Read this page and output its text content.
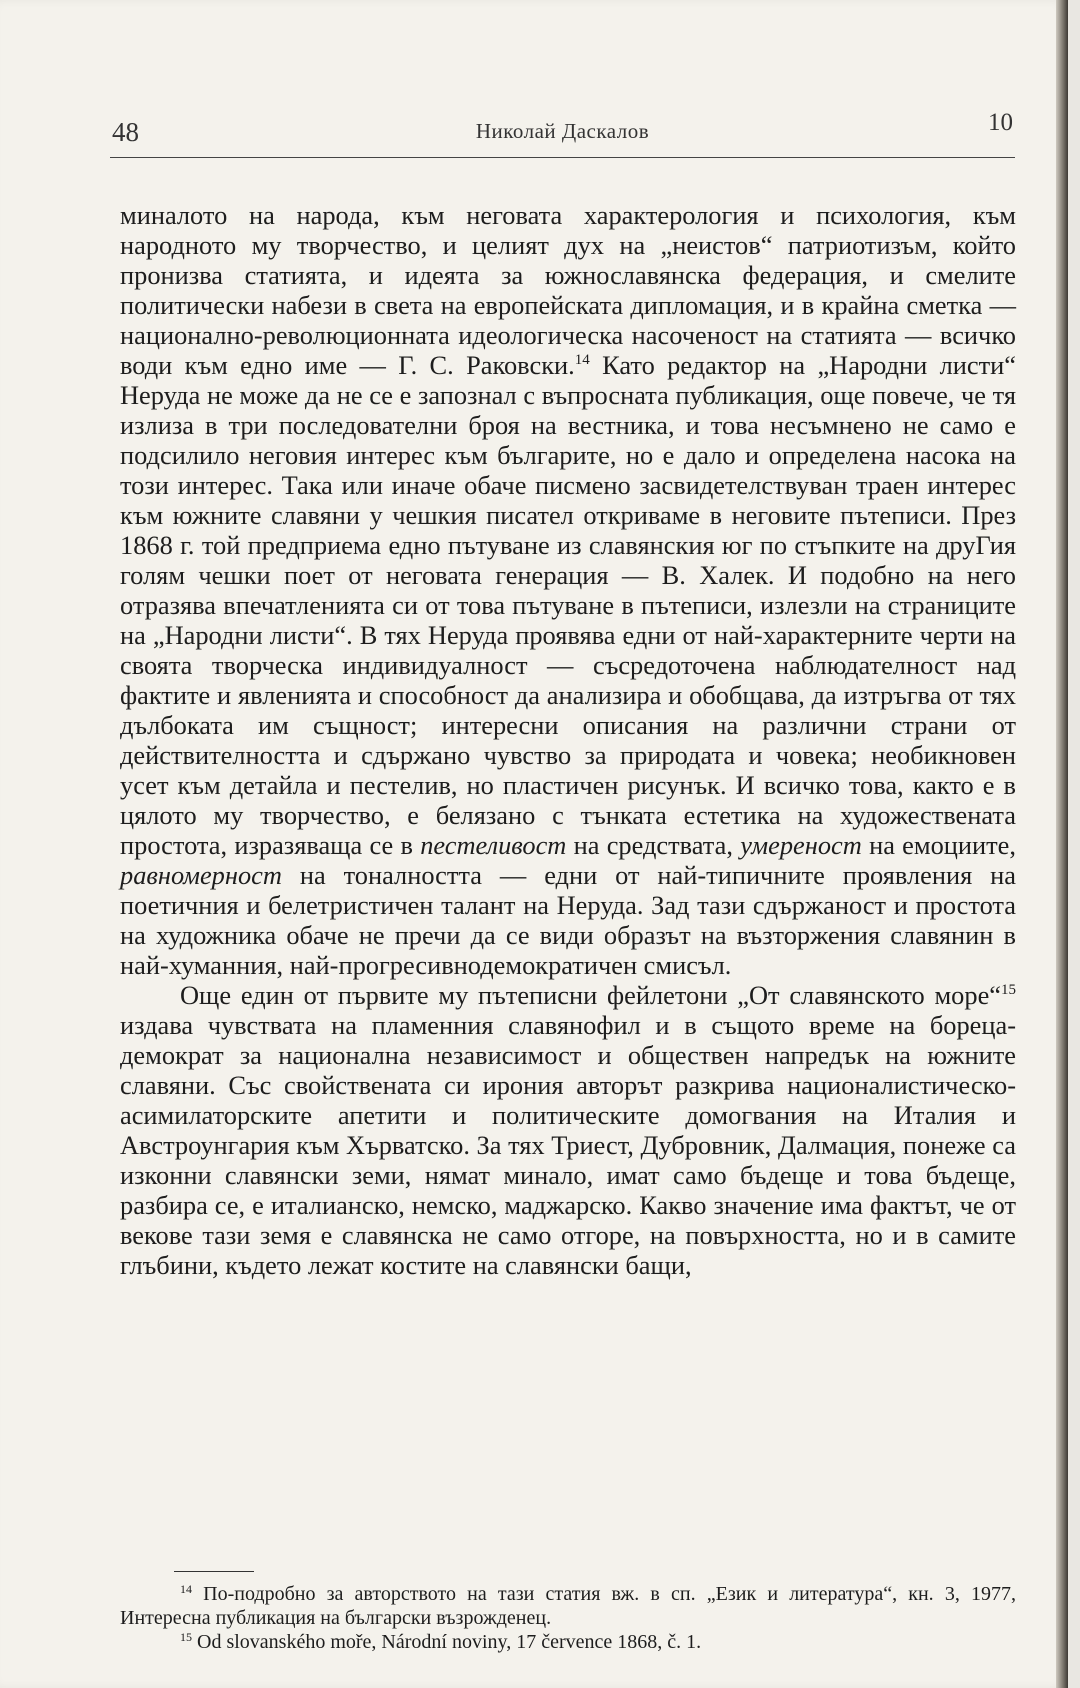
48	Николай Даскалов	10

миналото на народа, към неговата характерология и психология, към народното му творчество, и целият дух на „неистов“ патриотизъм, който пронизва статията, и идеята за южнославянска федерация, и смелите политически набези в света на европейската дипломация, и в крайна сметка — национално-революционната идеологическа насоченост на статията — всичко води към едно име — Г. С. Раковски.$^{14}$ Като редактор на „Народни листи“ Неруда не може да не се е запознал с въпросната публикация, още повече, че тя излиза в три последователни броя на вестника, и това несъмнено не само е подсилило неговия интерес към българите, но е дало и определена насока на този интерес. Така или иначе обаче писмено засвидетелствуван траен интерес към южните славяни у чешкия писател откриваме в неговите пътеписи. През 1868 г. той предприема едно пътуване из славянския юг по стъпките на друГия голям чешки поет от неговата генерация — В. Халек. И подобно на него отразява впечатленията си от това пътуване в пътеписи, излезли на страниците на „Народни листи“. В тях Неруда проявява едни от най-характерните черти на своята творческа индивидуалност — съсредоточена наблюдателност над фактите и явленията и способност да анализира и обобщава, да изтръгва от тях дълбоката им същност; интересни описания на различни страни от действителността и сдържано чувство за природата и човека; необикновен усет към детайла и пестелив, но пластичен рисунък. И всичко това, както е в цялото му творчество, е белязано с тънката естетика на художествената простота, изразяваща се в пестеливост на средствата, умереност на емоциите, равномерност на тоналността — едни от най-типичните проявления на поетичния и белетристичен талант на Неруда. Зад тази сдържаност и простота на художника обаче не пречи да се види образът на възторжения славянин в най-хуманния, най-прогресивнодемократичен смисъл.

Още един от първите му пътеписни фейлетони „От славянското море“$^{15}$ издава чувствата на пламенния славянофил и в същото време на бореца-демократ за национална независимост и обществен напредък на южните славяни. Със свойствената си ирония авторът разкрива националистическо-асимилаторските апетити и политическите домогвания на Италия и Австроунгария към Хърватско. За тях Триест, Дубровник, Далмация, понеже са изконни славянски земи, нямат минало, имат само бъдеще и това бъдеще, разбира се, е италианско, немско, маджарско. Какво значение има фактът, че от векове тази земя е славянска не само отгоре, на повърхността, но и в самите глъбини, където лежат костите на славянски бащи,

$^{14}$ По-подробно за авторството на тази статия вж. в сп. „Език и литература“, кн. 3, 1977, Интересна публикация на български възрожденец.

$^{15}$ Od slovanského moře, Národní noviny, 17 července 1868, č. 1.
